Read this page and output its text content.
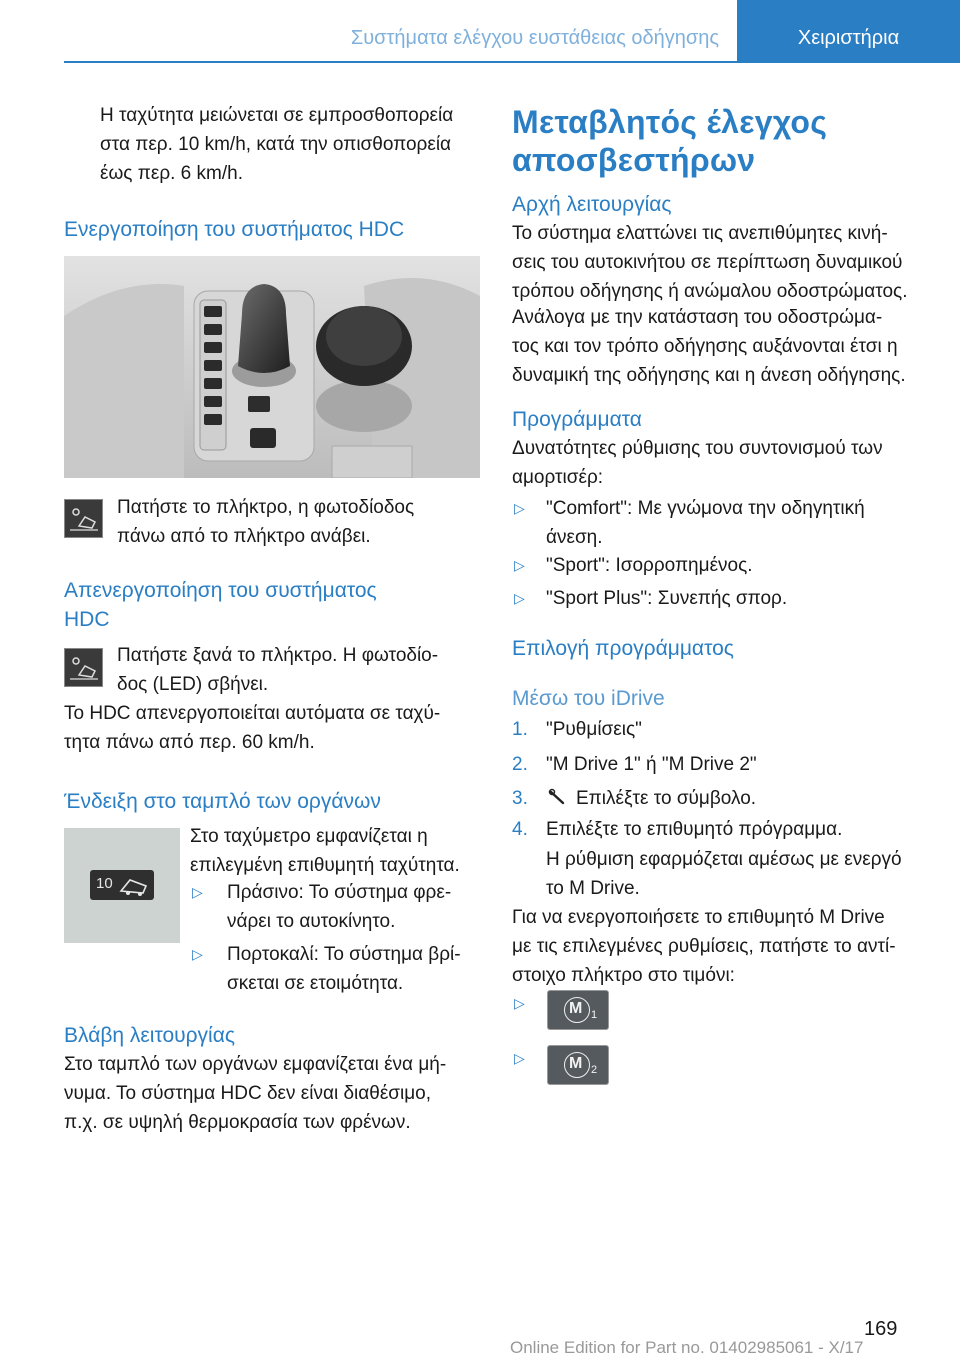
Συστήματα ελέγχου ευστάθειας οδήγησης	Χειριστήρια
Η ταχύτητα μειώνεται σε εμπροσθοπορεία
στα περ. 10 km/h, κατά την οπισθοπορεία
έως περ. 6 km/h.
Ενεργοποίηση του συστήματος HDC
Πατήστε το πλήκτρο, η φωτοδίοδος
πάνω από το πλήκτρο ανάβει.
Απενεργοποίηση του συστήματος
HDC
Πατήστε ξανά το πλήκτρο. Η φωτοδίο-
δος (LED) σβήνει.
Το HDC απενεργοποιείται αυτόματα σε ταχύ-
τητα πάνω από περ. 60 km/h.
Ένδειξη στο ταμπλό των οργάνων
10
Στο ταχύμετρο εμφανίζεται η
επιλεγμένη επιθυμητή ταχύτητα.
▷ Πράσινο: Το σύστημα φρε-
νάρει το αυτοκίνητο.
▷ Πορτοκαλί: Το σύστημα βρί-
σκεται σε ετοιμότητα.
Βλάβη λειτουργίας
Στο ταμπλό των οργάνων εμφανίζεται ένα μή-
νυμα. Το σύστημα HDC δεν είναι διαθέσιμο,
π.χ. σε υψηλή θερμοκρασία των φρένων.
Μεταβλητός έλεγχος
αποσβεστήρων
Αρχή λειτουργίας
Το σύστημα ελαττώνει τις ανεπιθύμητες κινή-
σεις του αυτοκινήτου σε περίπτωση δυναμικού
τρόπου οδήγησης ή ανώμαλου οδοστρώματος.
Ανάλογα με την κατάσταση του οδοστρώμα-
τος και τον τρόπο οδήγησης αυξάνονται έτσι η
δυναμική της οδήγησης και η άνεση οδήγησης.
Προγράμματα
Δυνατότητες ρύθμισης του συντονισμού των
αμορτισέρ:
▷ "Comfort": Με γνώμονα την οδηγητική
άνεση.
▷ "Sport": Ισορροπημένος.
▷ "Sport Plus": Συνεπής σπορ.
Επιλογή προγράμματος
Μέσω του iDrive
1. "Ρυθμίσεις"
2. "M Drive 1" ή "M Drive 2"
3.	Επιλέξτε το σύμβολο.
4. Επιλέξτε το επιθυμητό πρόγραμμα.
Η ρύθμιση εφαρμόζεται αμέσως με ενεργό
το M Drive.
Για να ενεργοποιήσετε το επιθυμητό M Drive
με τις επιλεγμένες ρυθμίσεις, πατήστε το αντί-
στοιχο πλήκτρο στο τιμόνι:
▷	M 1
▷	M 2
169
Online Edition for Part no. 01402985061 - X/17
